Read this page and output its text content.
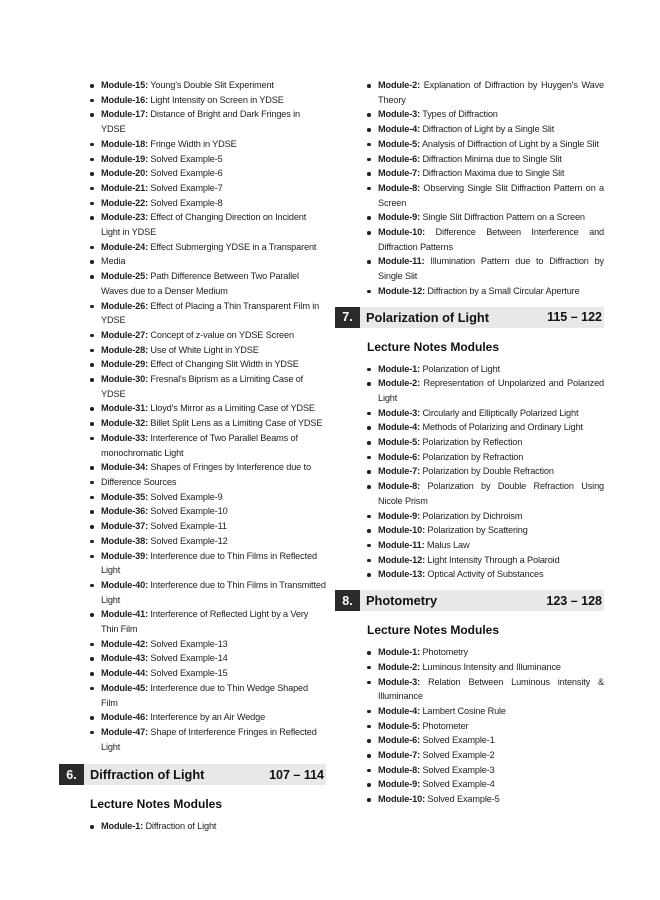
Module-15: Young's Double Slit Experiment
Module-16: Light Intensity on Screen in YDSE
Module-17: Distance of Bright and Dark Fringes in YDSE
Module-18: Fringe Width in YDSE
Module-19: Solved Example-5
Module-20: Solved Example-6
Module-21: Solved Example-7
Module-22: Solved Example-8
Module-23: Effect of Changing Direction on Incident Light in YDSE
Module-24: Effect Submerging YDSE in a Transparent
Media
Module-25: Path Difference Between Two Parallel Waves due to a Denser Medium
Module-26: Effect of Placing a Thin Transparent Film in YDSE
Module-27: Concept of z-value on YDSE Screen
Module-28: Use of White Light in YDSE
Module-29: Effect of Changing Slit Width in YDSE
Module-30: Fresnal's Biprism as a Limiting Case of YDSE
Module-31: Lloyd's Mirror as a Limiting Case of YDSE
Module-32: Billet Split Lens as a Limiting Case of YDSE
Module-33: Interference of Two Parallel Beams of monochromatic Light
Module-34: Shapes of Fringes by Interference due to
Difference Sources
Module-35: Solved Example-9
Module-36: Solved Example-10
Module-37: Solved Example-11
Module-38: Solved Example-12
Module-39: Interference due to Thin Films in Reflected Light
Module-40: Interference due to Thin Films in Transmitted Light
Module-41: Interference of Reflected Light by a Very Thin Film
Module-42: Solved Example-13
Module-43: Solved Example-14
Module-44: Solved Example-15
Module-45: Interference due to Thin Wedge Shaped Film
Module-46: Interference by an Air Wedge
Module-47: Shape of Interference Fringes in Reflected Light
6.	Diffraction of Light	107 – 114
Lecture Notes Modules
Module-1: Diffraction of Light
Module-2: Explanation of Diffraction by Huygen's Wave Theory
Module-3: Types of Diffraction
Module-4: Diffraction of Light by a Single Slit
Module-5: Analysis of Diffraction of Light by a Single Slit
Module-6: Diffraction Minima due to Single Slit
Module-7: Diffraction Maxima due to Single Slit
Module-8: Observing Single Slit Diffraction Pattern on a Screen
Module-9: Single Slit Diffraction Pattern on a Screen
Module-10: Difference Between Interference and Diffraction Patterns
Module-11: Illumination Pattern due to Diffraction by Single Slit
Module-12: Diffraction by a Small Circular Aperture
7.	Polarization of Light	115 – 122
Lecture Notes Modules
Module-1: Polarization of Light
Module-2: Representation of Unpolarized and Polarized Light
Module-3: Circularly and Elliptically Polarized Light
Module-4: Methods of Polarizing and Ordinary Light
Module-5: Polarization by Reflection
Module-6: Polarization by Refraction
Module-7: Polarization by Double Refraction
Module-8: Polarization by Double Refraction Using Nicole Prism
Module-9: Polarization by Dichroism
Module-10: Polarization by Scattering
Module-11: Malus Law
Module-12: Light Intensity Through a Polaroid
Module-13: Optical Activity of Substances
8.	Photometry	123 – 128
Lecture Notes Modules
Module-1: Photometry
Module-2: Luminous Intensity and Illuminance
Module-3: Relation Between Luminous intensity & Illuminance
Module-4: Lambert Cosine Rule
Module-5: Photometer
Module-6: Solved Example-1
Module-7: Solved Example-2
Module-8: Solved Example-3
Module-9: Solved Example-4
Module-10: Solved Example-5
